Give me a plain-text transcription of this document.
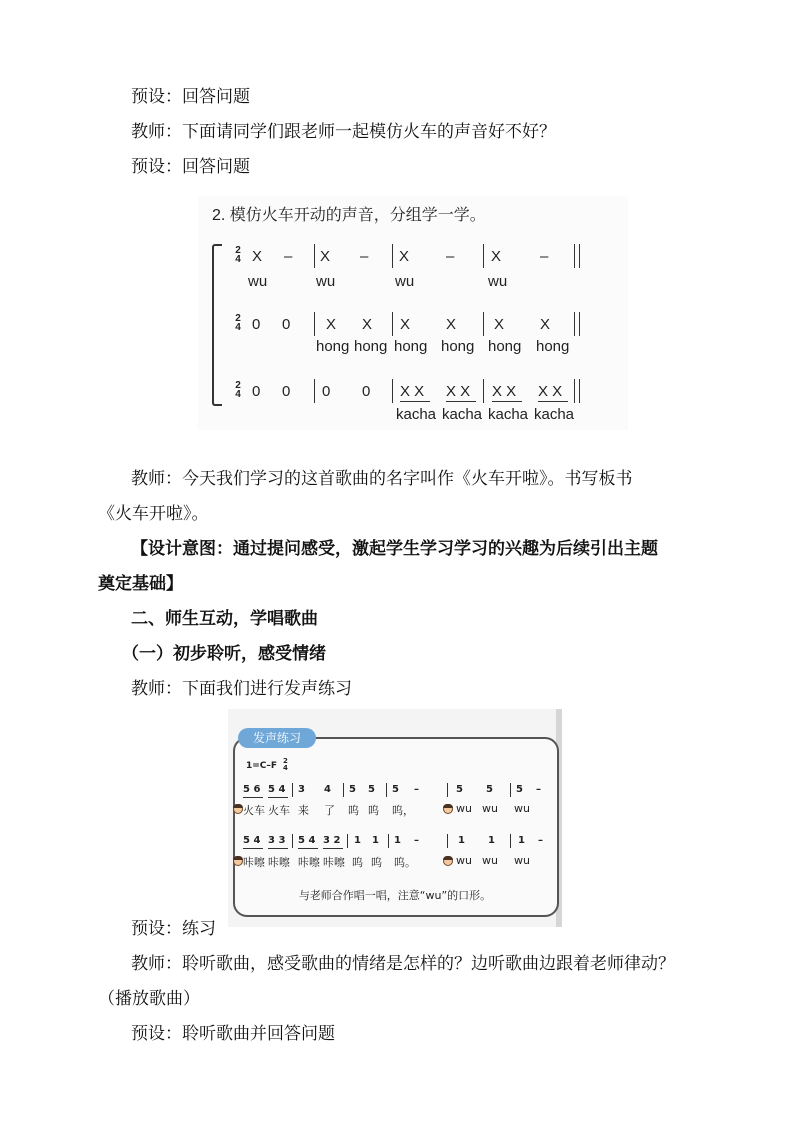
预设：回答问题
教师：下面请同学们跟老师一起模仿火车的声音好不好？
预设：回答问题
2. 模仿火车开动的声音，分组学一学。
2
4 X – X – X – X	–
wu	wu	wu	wu
2
4 0 0 X X X X	X X
hong hong hong hong hong hong
2
4 0 0 0 0 X X X X X X X X
kacha kacha kacha kacha
教师：今天我们学习的这首歌曲的名字叫作《火车开啦》。书写板书
《火车开啦》。
【设计意图：通过提问感受，激起学生学习学习的兴趣为后续引出主题
奠定基础】
二、师生互动，学唱歌曲
（一）初步聆听，感受情绪
教师：下面我们进行发声练习
发声练习
1=C–F 2
4
5 6 5 4 3 4 5 5 5 –	5 5 5 –
火车 火车 来 了 呜 呜 呜，	wu wu wu
5 4 3 3 5 4 3 2 1 1 1 –	1 1 1 –
咔嚓 咔嚓 咔嚓 咔嚓 呜 呜 呜。	wu wu wu
与老师合作唱一唱，注意“wu”的口形。
预设：练习
教师：聆听歌曲，感受歌曲的情绪是怎样的？边听歌曲边跟着老师律动？
（播放歌曲）
预设：聆听歌曲并回答问题
